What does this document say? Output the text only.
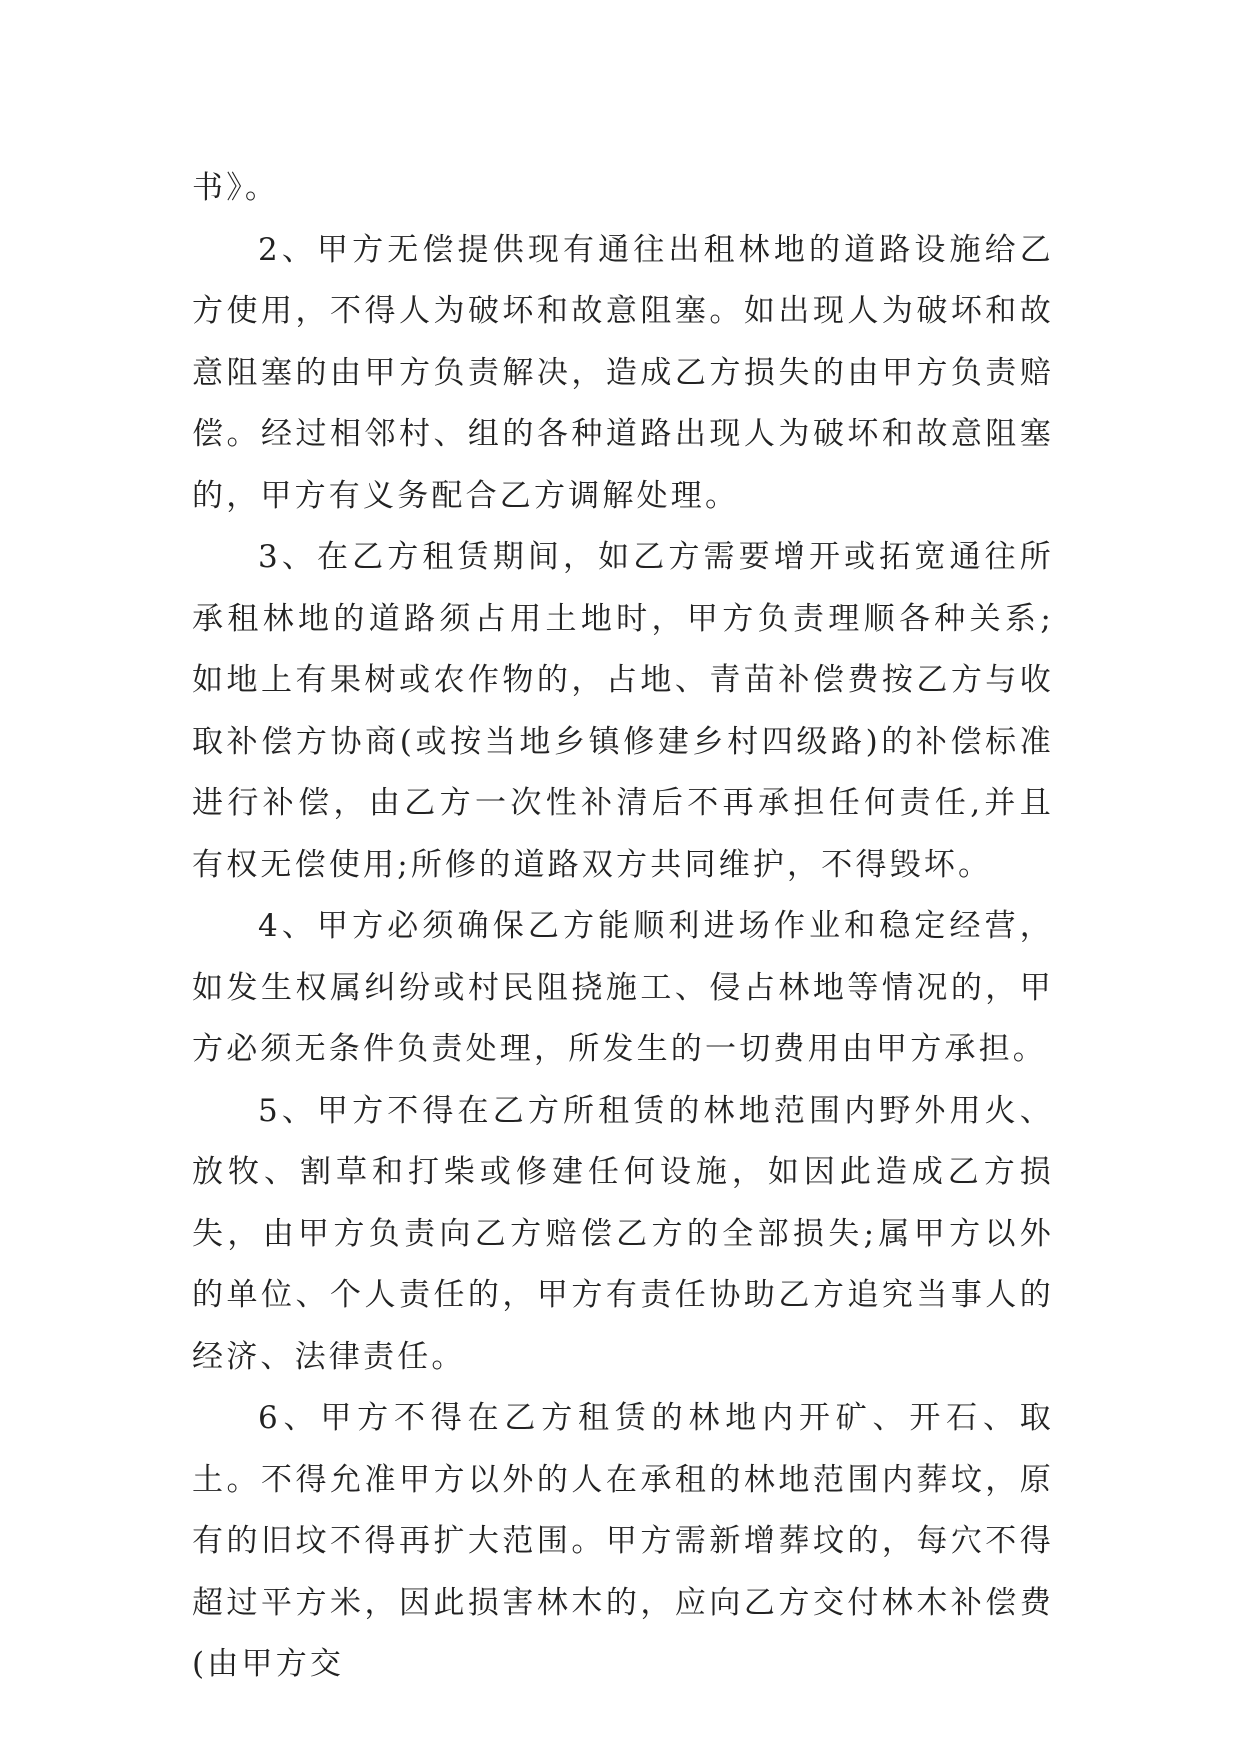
书》。

2、甲方无偿提供现有通往出租林地的道路设施给乙方使用，不得人为破坏和故意阻塞。如出现人为破坏和故意阻塞的由甲方负责解决，造成乙方损失的由甲方负责赔偿。经过相邻村、组的各种道路出现人为破坏和故意阻塞的，甲方有义务配合乙方调解处理。

3、在乙方租赁期间，如乙方需要增开或拓宽通往所承租林地的道路须占用土地时，甲方负责理顺各种关系;如地上有果树或农作物的，占地、青苗补偿费按乙方与收取补偿方协商(或按当地乡镇修建乡村四级路)的补偿标准进行补偿，由乙方一次性补清后不再承担任何责任,并且有权无偿使用;所修的道路双方共同维护，不得毁坏。

4、甲方必须确保乙方能顺利进场作业和稳定经营，如发生权属纠纷或村民阻挠施工、侵占林地等情况的，甲方必须无条件负责处理，所发生的一切费用由甲方承担。

5、甲方不得在乙方所租赁的林地范围内野外用火、放牧、割草和打柴或修建任何设施，如因此造成乙方损失，由甲方负责向乙方赔偿乙方的全部损失;属甲方以外的单位、个人责任的，甲方有责任协助乙方追究当事人的经济、法律责任。

6、甲方不得在乙方租赁的林地内开矿、开石、取土。不得允准甲方以外的人在承租的林地范围内葬坟，原有的旧坟不得再扩大范围。甲方需新增葬坟的，每穴不得超过平方米，因此损害林木的，应向乙方交付林木补偿费(由甲方交
